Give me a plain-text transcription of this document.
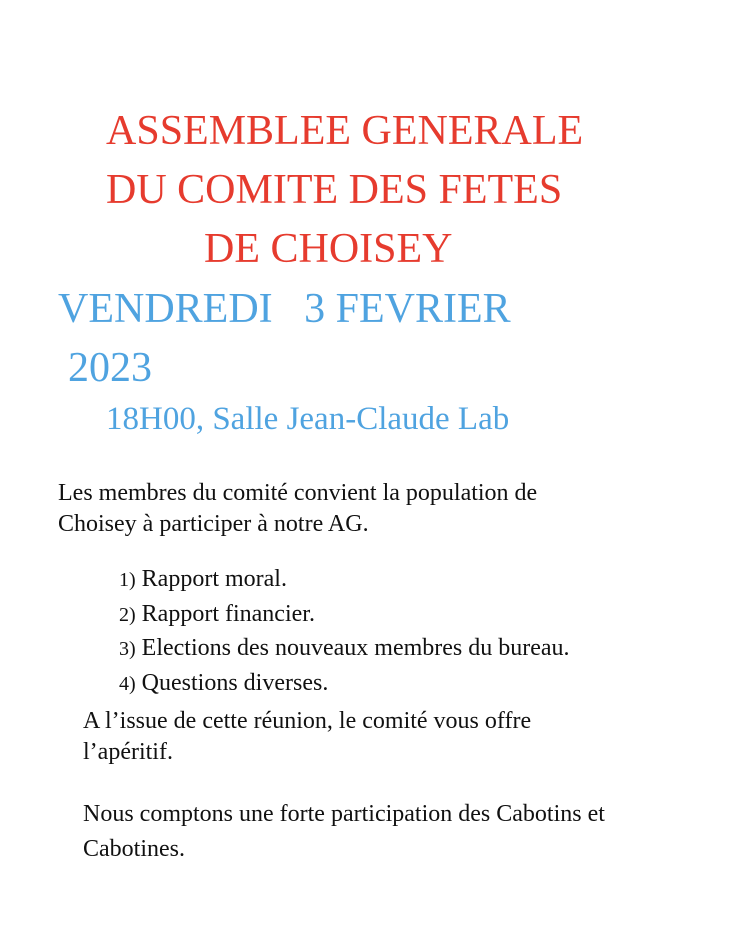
ASSEMBLEE GENERALE
DU COMITE DES FETES
DE CHOISEY
VENDREDI   3 FEVRIER
2023
18H00, Salle Jean-Claude Lab
Les membres du comité convient la population de
Choisey à participer à notre AG.

1) Rapport moral.

2) Rapport financier.

3) Elections des nouveaux membres du bureau.

4) Questions diverses.

A l’issue de cette réunion, le comité vous offre
l’apéritif.
Nous comptons une forte participation des Cabotins et
Cabotines.
